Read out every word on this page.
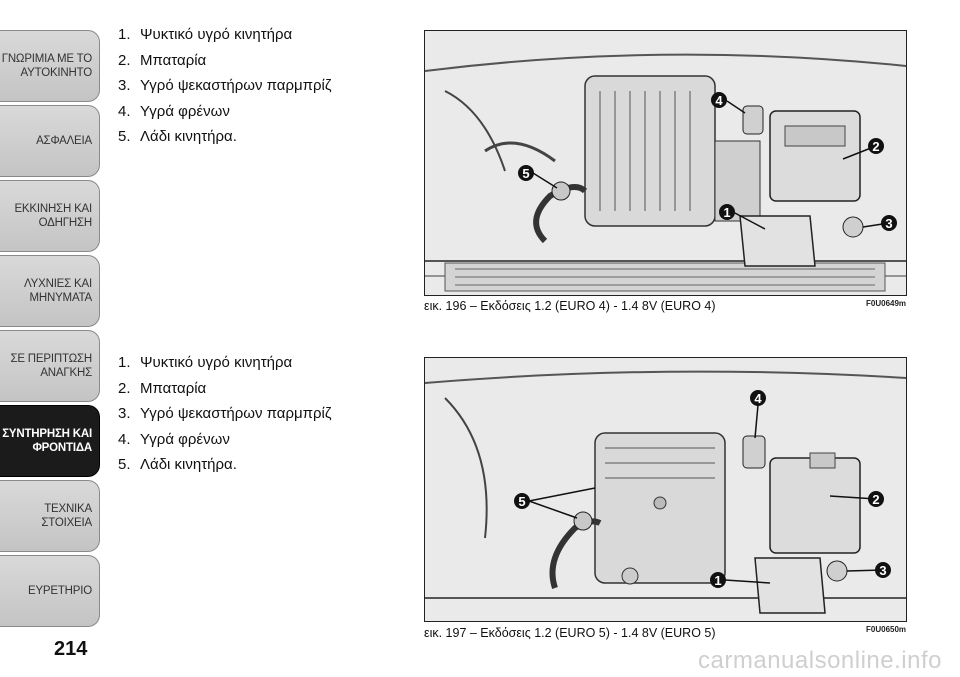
ΓΝΩΡΙΜΙΑ ΜΕ ΤΟ
ΑΥΤΟΚΙΝΗΤΟ
ΑΣΦΑΛΕΙΑ
ΕΚΚΙΝΗΣΗ ΚΑΙ
ΟΔΗΓΗΣΗ
ΛΥΧΝΙΕΣ ΚΑΙ
ΜΗΝΥΜΑΤΑ
ΣΕ ΠΕΡΙΠΤΩΣΗ
ΑΝΑΓΚΗΣ
ΣΥΝΤΗΡΗΣΗ ΚΑΙ
ΦΡΟΝΤΙΔΑ
ΤΕΧΝΙΚΑ ΣΤΟΙΧΕΙΑ
ΕΥΡΕΤΗΡΙΟ
214
1. Ψυκτικό υγρό κινητήρα
2. Μπαταρία
3. Υγρό ψεκαστήρων παρμπρίζ
4. Υγρά φρένων
5. Λάδι κινητήρα.
1
2
3
4
5
F0U0649m
εικ. 196 – Εκδόσεις 1.2 (EURO 4) - 1.4 8V (EURO 4)
1. Ψυκτικό υγρό κινητήρα
2. Μπαταρία
3. Υγρό ψεκαστήρων παρμπρίζ
4. Υγρά φρένων
5. Λάδι κινητήρα.
1
2
3
4
5
F0U0650m
εικ. 197 – Εκδόσεις 1.2 (EURO 5) - 1.4 8V (EURO 5)
carmanualsonline.info
